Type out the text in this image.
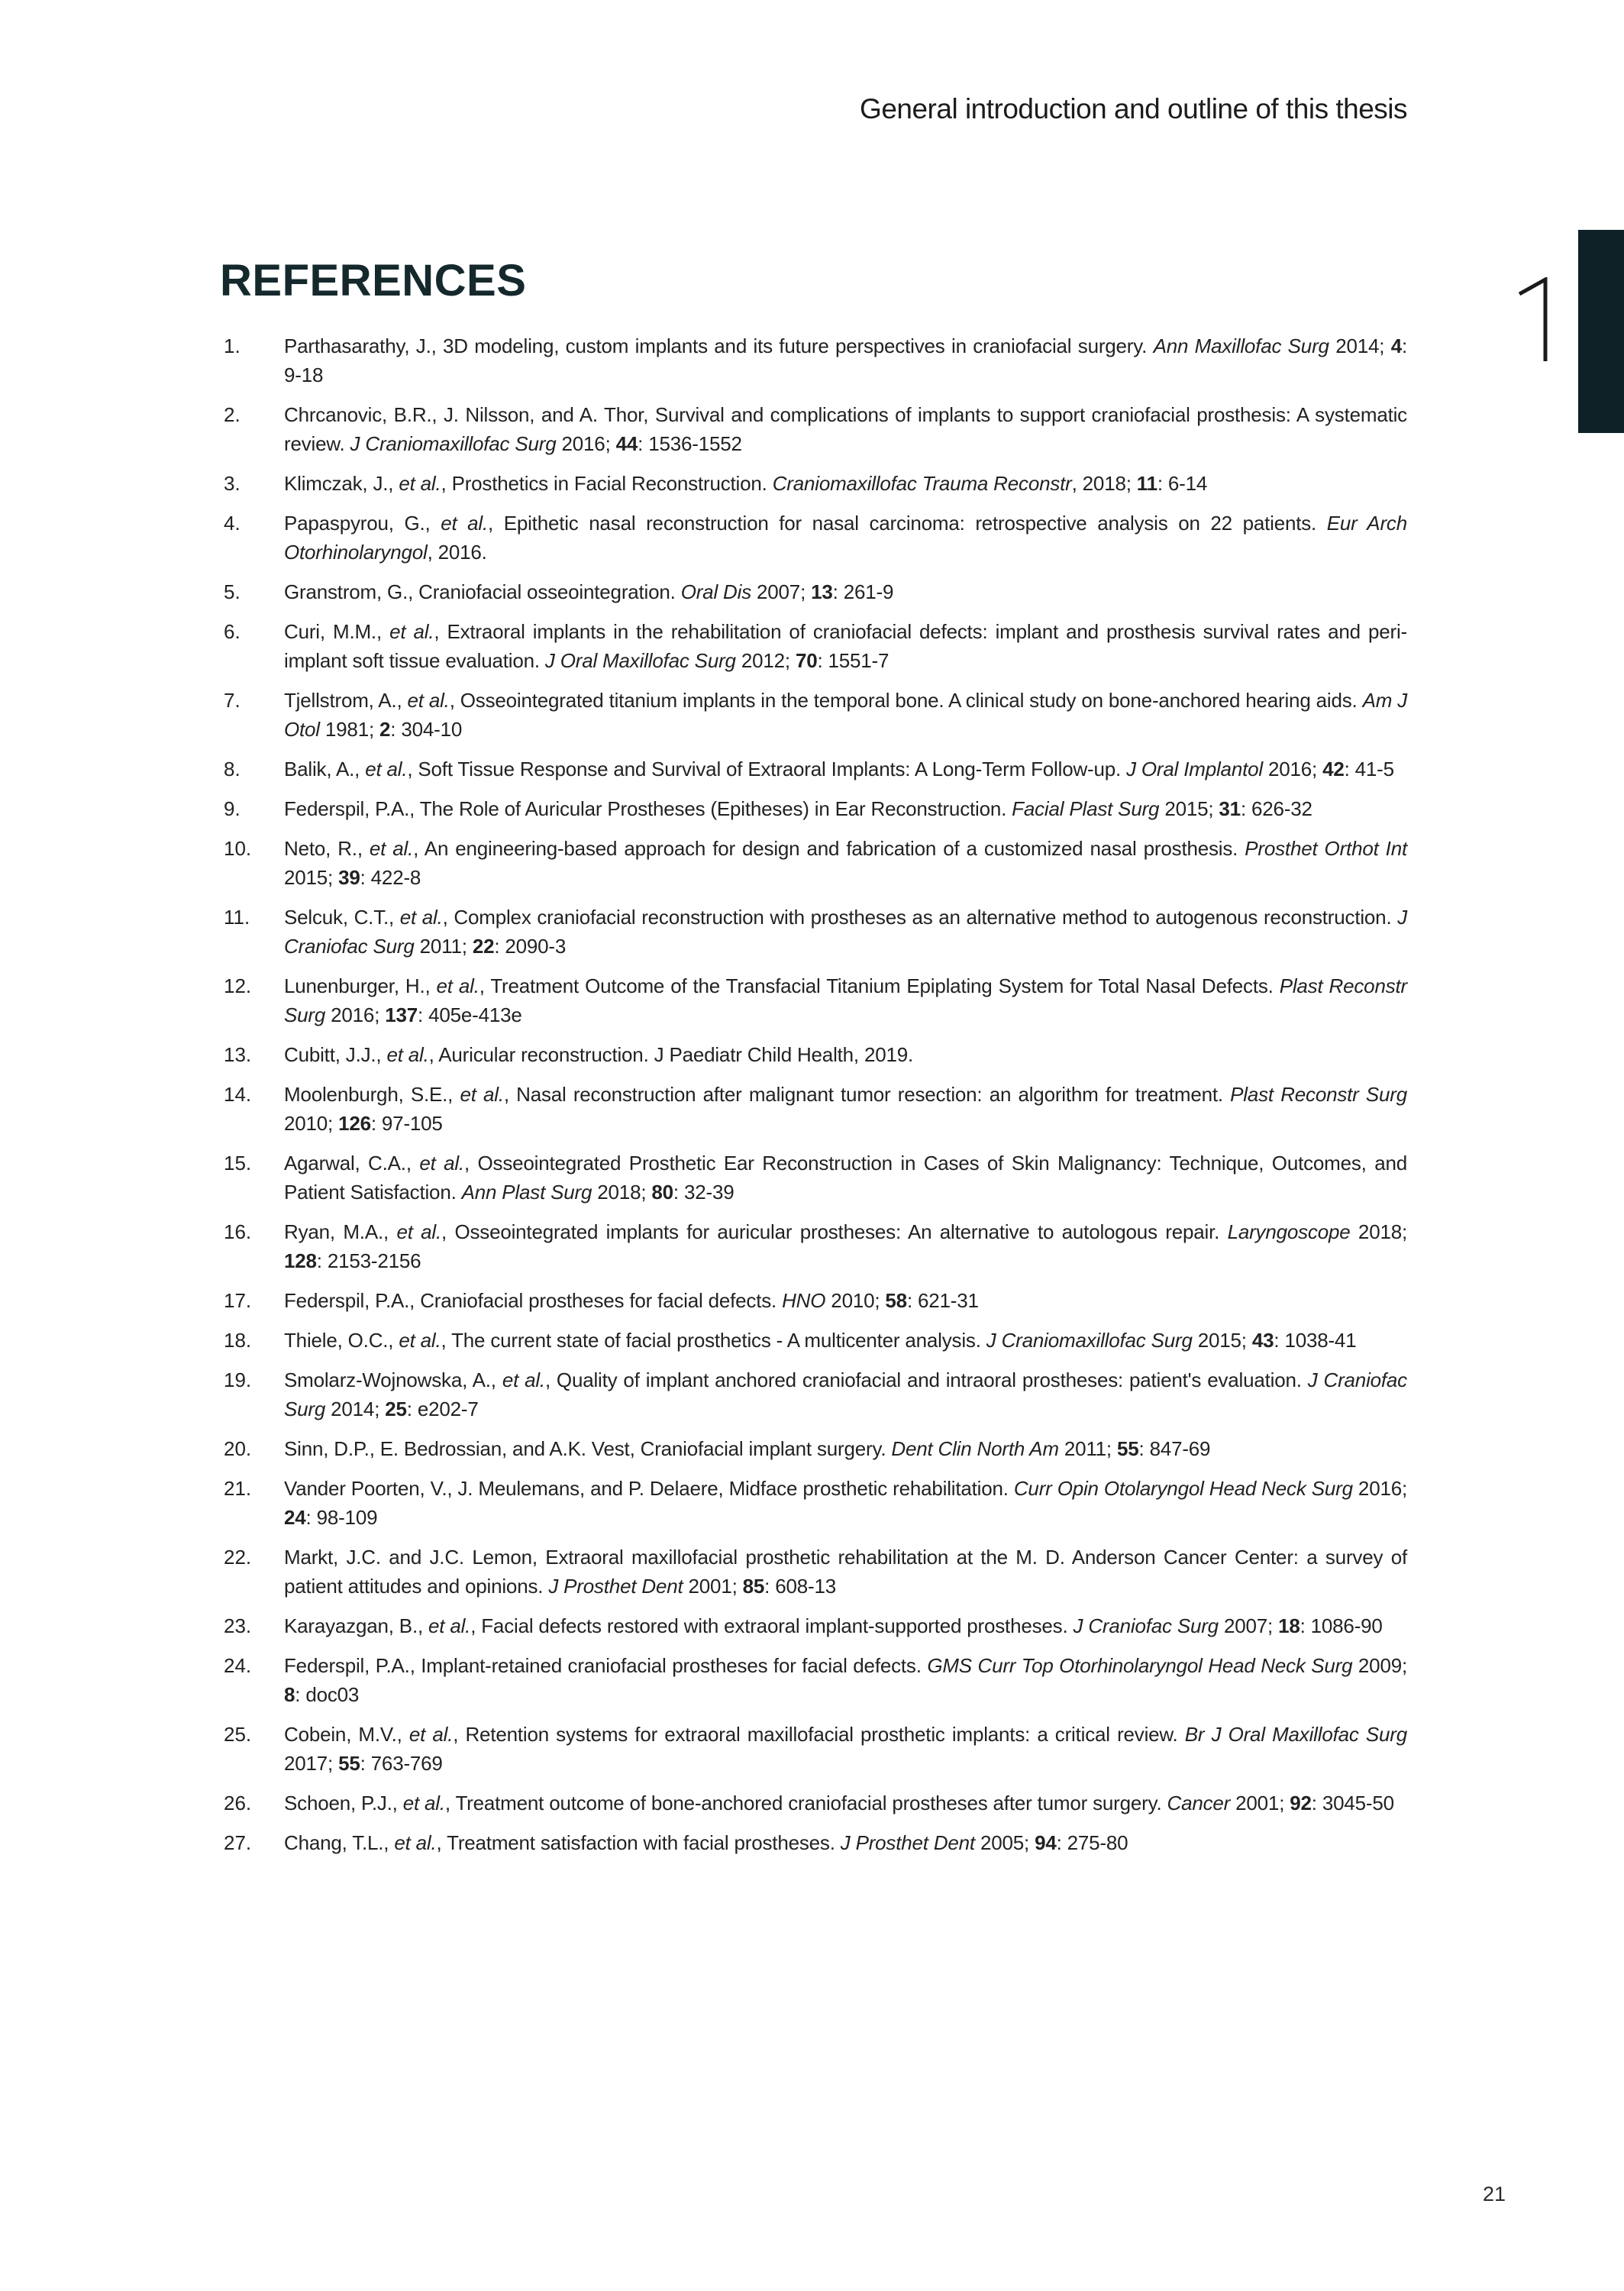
General introduction and outline of this thesis
REFERENCES
1.	Parthasarathy, J., 3D modeling, custom implants and its future perspectives in craniofacial surgery. Ann Maxillofac Surg 2014; 4: 9-18

2.	Chrcanovic, B.R., J. Nilsson, and A. Thor, Survival and complications of implants to support craniofacial prosthesis: A systematic review. J Craniomaxillofac Surg 2016; 44: 1536-1552

3.	Klimczak, J., et al., Prosthetics in Facial Reconstruction. Craniomaxillofac Trauma Reconstr, 2018; 11: 6-14

4.	Papaspyrou, G., et al., Epithetic nasal reconstruction for nasal carcinoma: retrospective analysis on 22 patients. Eur Arch Otorhinolaryngol, 2016.

5.	Granstrom, G., Craniofacial osseointegration. Oral Dis 2007; 13: 261-9

6.	Curi, M.M., et al., Extraoral implants in the rehabilitation of craniofacial defects: implant and prosthesis survival rates and peri-implant soft tissue evaluation. J Oral Maxillofac Surg 2012; 70: 1551-7

7.	Tjellstrom, A., et al., Osseointegrated titanium implants in the temporal bone. A clinical study on bone-anchored hearing aids. Am J Otol 1981; 2: 304-10

8.	Balik, A., et al., Soft Tissue Response and Survival of Extraoral Implants: A Long-Term Follow-up. J Oral Implantol 2016; 42: 41-5

9.	Federspil, P.A., The Role of Auricular Prostheses (Epitheses) in Ear Reconstruction. Facial Plast Surg 2015; 31: 626-32

10.	Neto, R., et al., An engineering-based approach for design and fabrication of a customized nasal prosthesis. Prosthet Orthot Int 2015; 39: 422-8

11.	Selcuk, C.T., et al., Complex craniofacial reconstruction with prostheses as an alternative method to autogenous reconstruction. J Craniofac Surg 2011; 22: 2090-3

12.	Lunenburger, H., et al., Treatment Outcome of the Transfacial Titanium Epiplating System for Total Nasal Defects. Plast Reconstr Surg 2016; 137: 405e-413e

13.	Cubitt, J.J., et al., Auricular reconstruction. J Paediatr Child Health, 2019.

14.	Moolenburgh, S.E., et al., Nasal reconstruction after malignant tumor resection: an algorithm for treatment. Plast Reconstr Surg 2010; 126: 97-105

15.	Agarwal, C.A., et al., Osseointegrated Prosthetic Ear Reconstruction in Cases of Skin Malignancy: Technique, Outcomes, and Patient Satisfaction. Ann Plast Surg 2018; 80: 32-39

16.	Ryan, M.A., et al., Osseointegrated implants for auricular prostheses: An alternative to autologous repair. Laryngoscope 2018; 128: 2153-2156

17.	Federspil, P.A., Craniofacial prostheses for facial defects. HNO 2010; 58: 621-31

18.	Thiele, O.C., et al., The current state of facial prosthetics - A multicenter analysis. J Craniomaxillofac Surg 2015; 43: 1038-41

19.	Smolarz-Wojnowska, A., et al., Quality of implant anchored craniofacial and intraoral prostheses: patient's evaluation. J Craniofac Surg 2014; 25: e202-7

20.	Sinn, D.P., E. Bedrossian, and A.K. Vest, Craniofacial implant surgery. Dent Clin North Am 2011; 55: 847-69

21.	Vander Poorten, V., J. Meulemans, and P. Delaere, Midface prosthetic rehabilitation. Curr Opin Otolaryngol Head Neck Surg 2016; 24: 98-109

22.	Markt, J.C. and J.C. Lemon, Extraoral maxillofacial prosthetic rehabilitation at the M. D. Anderson Cancer Center: a survey of patient attitudes and opinions. J Prosthet Dent 2001; 85: 608-13

23.	Karayazgan, B., et al., Facial defects restored with extraoral implant-supported prostheses. J Craniofac Surg 2007; 18: 1086-90

24.	Federspil, P.A., Implant-retained craniofacial prostheses for facial defects. GMS Curr Top Otorhinolaryngol Head Neck Surg 2009; 8: doc03

25.	Cobein, M.V., et al., Retention systems for extraoral maxillofacial prosthetic implants: a critical review. Br J Oral Maxillofac Surg 2017; 55: 763-769

26.	Schoen, P.J., et al., Treatment outcome of bone-anchored craniofacial prostheses after tumor surgery. Cancer 2001; 92: 3045-50

27.	Chang, T.L., et al., Treatment satisfaction with facial prostheses. J Prosthet Dent 2005; 94: 275-80

21
